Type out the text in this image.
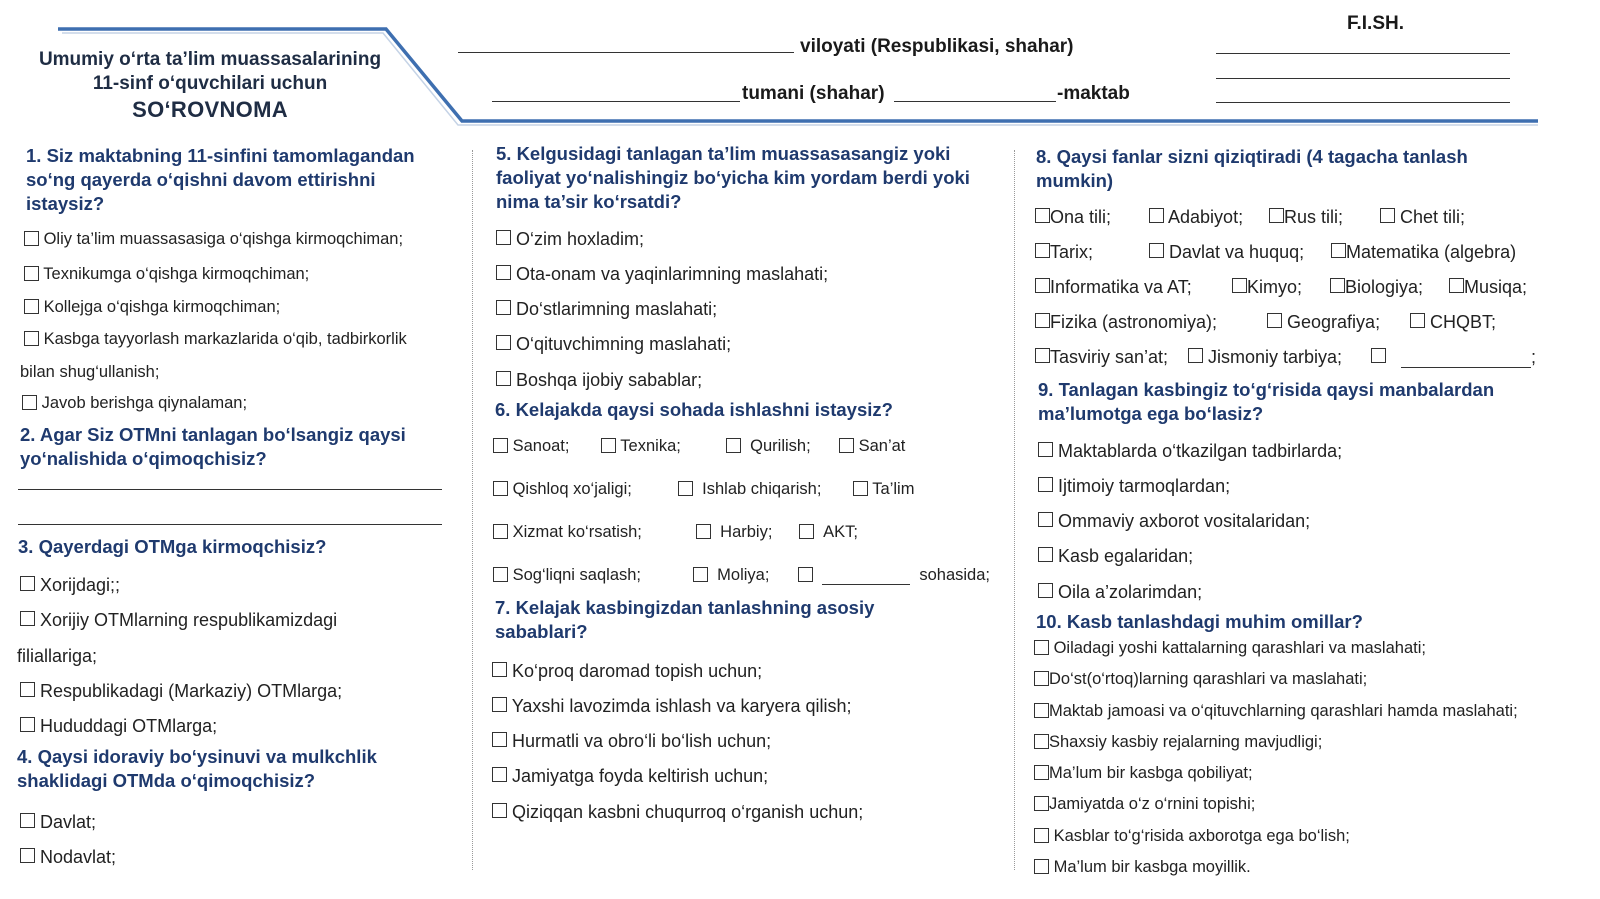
Umumiy o‘rta ta’lim muassasalarining
11-sinf o‘quvchilari uchun
SO‘ROVNOMA
viloyati (Respublikasi, shahar)
tumani (shahar)	-maktab
F.I.SH.
1. Siz maktabning 11-sinfini tamomlagandan so‘ng qayerda o‘qishni davom ettirishni istaysiz?
Oliy ta’lim muassasasiga o‘qishga kirmoqchiman;
Texnikumga o‘qishga kirmoqchiman;
Kollejga o‘qishga kirmoqchiman;
Kasbga tayyorlash markazlarida o‘qib, tadbirkorlik
bilan shug‘ullanish;
Javob berishga qiynalaman;
2. Agar Siz OTMni tanlagan bo‘lsangiz qaysi yo‘nalishida o‘qimoqchisiz?
3. Qayerdagi OTMga kirmoqchisiz?
Xorijdagi;;
Xorijiy OTMlarning respublikamizdagi
filiallariga;
Respublikadagi (Markaziy) OTMlarga;
Hududdagi OTMlarga;
4. Qaysi idoraviy bo‘ysinuvi va mulkchlik shaklidagi OTMda o‘qimoqchisiz?
Davlat;
Nodavlat;
5. Kelgusidagi tanlagan ta’lim muassasasangiz yoki faoliyat yo‘nalishingiz bo‘yicha kim yordam berdi yoki nima ta’sir ko‘rsatdi?
O‘zim hoxladim;
Ota-onam va yaqinlarimning maslahati;
Do‘stlarimning maslahati;
O‘qituvchimning maslahati;
Boshqa ijobiy sabablar;
6. Kelajakda qaysi sohada ishlashni istaysiz?
Sanoat;	Texnika;	Qurilish;	San’at
Qishloq xo‘jaligi;	Ishlab chiqarish;	Ta’lim
Xizmat ko‘rsatish;	Harbiy;	AKT;
Sog‘liqni saqlash;	Moliya;	sohasida;
7. Kelajak kasbingizdan tanlashning asosiy sabablari?
Ko‘proq daromad topish uchun;
Yaxshi lavozimda ishlash va karyera qilish;
Hurmatli va obro‘li bo‘lish uchun;
Jamiyatga foyda keltirish uchun;
Qiziqqan kasbni chuqurroq o‘rganish uchun;
8. Qaysi fanlar sizni qiziqtiradi (4 tagacha tanlash mumkin)
Ona tili;	Adabiyot;	Rus tili;	Chet tili;
Tarix;	Davlat va huquq;	Matematika (algebra)
Informatika va AT;	Kimyo;	Biologiya;	Musiqa;
Fizika (astronomiya);	Geografiya;	CHQBT;
Tasviriy san’at;	Jismoniy tarbiya;	;
9. Tanlagan kasbingiz to‘g‘risida qaysi manbalardan ma’lumotga ega bo‘lasiz?
Maktablarda o‘tkazilgan tadbirlarda;
Ijtimoiy tarmoqlardan;
Ommaviy axborot vositalaridan;
Kasb egalaridan;
Oila a’zolarimdan;
10. Kasb tanlashdagi muhim omillar?
Oiladagi yoshi kattalarning qarashlari va maslahati;
Do‘st(o‘rtoq)larning qarashlari va maslahati;
Maktab jamoasi va o‘qituvchlarning qarashlari hamda maslahati;
Shaxsiy kasbiy rejalarning mavjudligi;
Ma’lum bir kasbga qobiliyat;
Jamiyatda o‘z o‘rnini topishi;
Kasblar to‘g‘risida axborotga ega bo‘lish;
Ma’lum bir kasbga moyillik.
